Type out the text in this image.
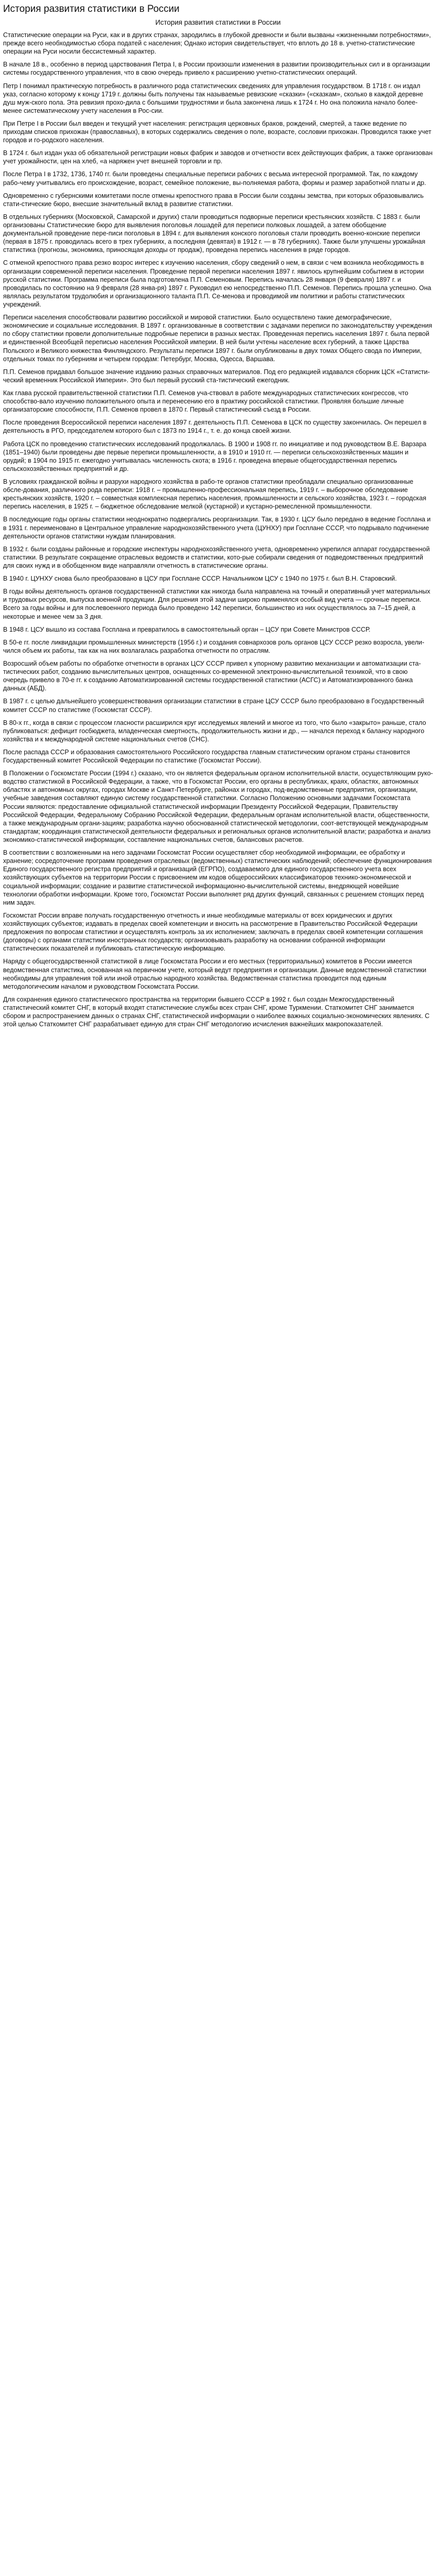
История развития статистики в России
История развития статистики в России

Статистические операции на Руси, как и в других странах, зародились в глубокой древности и были вызваны «жизненными потребностями», прежде всего необходимостью сбора податей с населения; Однако история свидетельствует, что вплоть до 18 в. учетно-статистические операции на Руси носили бессистемный характер.

В начале 18 в., особенно в период царствования Петра I, в России произошли изменения в развитии производительных сил и в организации системы государственного управления, что в свою очередь привело к расширению учетно-статистических операций.

Петр I понимал практическую потребность в различного рода статистических сведениях для управления государством. В 1718 г. он издал указ, согласно которому к концу 1719 г. должны быть получены так называемые ревизские «сказки» («сказкам», сколько в каждой деревне душ муж-ского пола. Эта ревизия прохо-дила с большими трудностями и была закончена лишь к 1724 г. Но она положила начало более-менее систематическому учету населения в Рос-сии.

При Петре I в России был введен и текущий учет населения: регистрация церковных браков, рождений, смертей, а также ведение по приходам списков прихожан (православных), в которых содержались сведения о поле, возрасте, сословии прихожан. Проводился также учет городов и го-родского населения.

В 1724 г. был издан указ об обязательной регистрации новых фабрик и заводов и отчетности всех действующих фабрик, а также организован учет урожайности, цен на хлеб, «а наряжен учет внешней торговли и пр.

После Петра I в 1732, 1736, 1740 гг. были проведены специальные переписи рабочих с весьма интересной программой. Так, по каждому рабо-чему учитывались его происхождение, возраст, семейное положение, вы-полняемая работа, формы и размер заработной платы и др.

Одновременно с губернскими комитетами после отмены крепостного права в России были созданы земства, при которых образовывались стати-стические бюро, внесшие значительный вклад в развитие статистики.

В отдельных губерниях (Московской, Самарской и других) стали проводиться подворные переписи крестьянских хозяйств. С 1883 г. были организованы Статистические бюро для выявления поголовья лошадей для переписи полковых лошадей, а затем обобщение документальной проведение пере-писи поголовья в 1894 г. для выявления конского поголовья стали проводить военно-конские переписи (первая в 1875 г. проводилась всего в трех губерниях, а последняя (девятая) в 1912 г. — в 78 губерниях). Также были улучшены урожайная статистика (прогнозы, экономика, приносящая доходы от продаж), проведена перепись населения в ряде городов.

С отменой крепостного права резко возрос интерес к изучению населения, сбору сведений о нем, в связи с чем возникла необходимость в организации современной переписи населения. Проведение первой переписи населения 1897 г. явилось крупнейшим событием в истории русской статистики. Программа переписи была подготовлена П.П. Семеновым. Перепись началась 28 января (9 февраля) 1897 г. и проводилась по состоянию на 9 февраля (28 янва-ря) 1897 г. Руководил ею непосредственно П.П. Семенов. Перепись прошла успешно. Она являлась результатом трудолюбия и организационного таланта П.П. Се-менова и проводимой им политики и работы статистических учреждений.

Переписи населения способствовали развитию российской и мировой статистики. Было осуществлено такие демографические, экономические и социальные исследования. В 1897 г. организованные в соответствии с задачами переписи по законодательству учреждения по сбору статистики провели дополнительные подробные переписи в разных местах. Проведенная перепись населения 1897 г. была первой и единственной Всеобщей переписью населения Российской империи. В ней были учтены население всех губерний, а также Царства Польского и Великого княжества Финляндского. Результаты переписи 1897 г. были опубликованы в двух томах Общего свода по Империи, отдельных томах по губерниям и четырем городам: Петербург, Москва, Одесса, Варшава.

П.П. Семенов придавал большое значение изданию разных справочных материалов. Под его редакцией издавался сборник ЦСК «Статисти-ческий временник Российской Империи». Это был первый русский ста-тистический ежегодник.

Как глава русской правительственной статистики П.П. Семенов уча-ствовал в работе международных статистических конгрессов, что способство-вало изучению положительного опыта и перенесению его в практику российской статистики. Проявляя большие личные организаторские способности, П.П. Семенов провел в 1870 г. Первый статистический съезд в России.

После проведения Всероссийской переписи населения 1897 г. деятельность П.П. Семенова в ЦСК по существу закончилась. Он перешел в деятельность в РГО, председателем которого был с 1873 по 1914 г., т. е. до конца своей жизни.

Работа ЦСК по проведению статистических исследований продолжалась. В 1900 и 1908 гг. по инициативе и под руководством В.Е. Варзара (1851–1940) были проведены две первые переписи промышленности, а в 1910 и 1910 гг. — переписи сельскохозяйственных машин и орудий; в 1904 по 1915 гг. ежегодно учитывалась численность скота; в 1916 г. проведена впервые общегосударственная перепись сельскохозяйственных предприятий и др.

В условиях гражданской войны и разрухи народного хозяйства в рабо-те органов статистики преобладали специально организованные обсле-дования, различного рода переписи: 1918 г. – промышленно-профессиональная перепись, 1919 г. – выборочное обследование крестьянских хозяйств, 1920 г. – совместная комплексная перепись населения, промышленности и сельского хозяйства, 1923 г. – городская перепись населения, в 1925 г. – бюджетное обследование мелкой (кустарной) и кустарно-ремесленной промышленности.

В последующие годы органы статистики неоднократно подвергались реорганизации. Так, в 1930 г. ЦСУ было передано в ведение Госплана и в 1931 г. переименовано в Центральное управление народнохозяйственного учета (ЦУНХУ) при Госплане СССР, что подрывало подчинение деятельности органов статистики нуждам планирования.

В 1932 г. были созданы районные и городские инспектуры народнохозяйственного учета, одновременно укрепился аппарат государственной статистики. В результате сокращение отраслевых ведомств и статистики, кото-рые собирали сведения от подведомственных предприятий для своих нужд и в обобщенном виде направляли отчетность в статистические органы.

В 1940 г. ЦУНХУ снова было преобразовано в ЦСУ при Госплане СССР. Начальником ЦСУ с 1940 по 1975 г. был В.Н. Старовский.

В годы войны деятельность органов государственной статистики как никогда была направлена на точный и оперативный учет материальных и трудовых ресурсов, выпуска военной продукции. Для решения этой задачи широко применялся особый вид учета — срочные переписи. Всего за годы войны и для послевоенного периода было проведено 142 переписи, большинство из них осуществлялось за 7–15 дней, а некоторые и менее чем за 3 дня.

В 1948 г. ЦСУ вышло из состава Госплана и превратилось в самостоятельный орган – ЦСУ при Совете Министров СССР.

В 50-е гг. после ликвидации промышленных министерств (1956 г.) и создания совнархозов роль органов ЦСУ СССР резко возросла, увели-чился объем их работы, так как на них возлагалась разработка отчетности по отраслям.

Возросший объем работы по обработке отчетности в органах ЦСУ СССР привел к упорному развитию механизации и автоматизации ста-тистических работ, созданию вычислительных центров, оснащенных со-временной электронно-вычислительной техникой, что в свою очередь привело в 70-е гг. к созданию Автоматизированной системы государственной статистики (АСГС) и Автоматизированного банка данных (АБД).

В 1987 г. с целью дальнейшего усовершенствования организации статистики в стране ЦСУ СССР было преобразовано в Государственный комитет СССР по статистике (Госкомстат СССР).

В 80-х гг., когда в связи с процессом гласности расширился круг исследуемых явлений и многое из того, что было «закрыто» раньше, стало публиковаться: дефицит госбюджета, младенческая смертность, продолжительность жизни и др., — начался переход к балансу народного хозяйства и к международной системе национальных счетов (СНС).

После распада СССР и образования самостоятельного Российского государства главным статистическим органом страны становится Государственный комитет Российской Федерации по статистике (Госкомстат России).

В Положении о Госкомстате России (1994 г.) сказано, что он является федеральным органом исполнительной власти, осуществляющим руко-водство статистикой в Российской Федерации, а также, что в Госкомстат России, его органы в республиках, краях, областях, автономных областях и автономных округах, городах Москве и Санкт-Петербурге, районах и городах, под-ведомственные предприятия, организации, учебные заведения составляют единую систему государственной статистики. Согласно Положению основными задачами Госкомстата России являются: предоставление официальной статистической информации Президенту Российской Федерации, Правительству Российской Федерации, Федеральному Собранию Российской Федерации, федеральным органам исполнительной власти, общественности, а также международным органи-зациям; разработка научно обоснованной статистической методологии, соот-ветствующей международным стандартам; координация статистической деятельности федеральных и региональных органов исполнительной власти; разработка и анализ экономико-статистической информации, составление национальных счетов, балансовых расчетов.

В соответствии с возложенными на него задачами Госкомстат России осуществляет сбор необходимой информации, ее обработку и хранение; сосредоточение программ проведения отраслевых (ведомственных) статистических наблюдений; обеспечение функционирования Единого государственного регистра предприятий и организаций (ЕГРПО), создаваемого для единого государственного учета всех хозяйствующих субъектов на территории России с присвоением им кодов общероссийских классификаторов технико-экономической и социальной информации; создание и развитие статистической информационно-вычислительной системы, внедряющей новейшие технологии обработки информации. Кроме того, Госкомстат России выполняет ряд других функций, связанных с решением стоящих перед ним задач.

Госкомстат России вправе получать государственную отчетность и иные необходимые материалы от всех юридических и других хозяйствующих субъектов; издавать в пределах своей компетенции и вносить на рассмотрение в Правительство Российской Федерации предложения по вопросам статистики и осуществлять контроль за их исполнением; заключать в пределах своей компетенции соглашения (договоры) с органами статистики иностранных государств; организовывать разработку на основании собранной информации статистических показателей и публиковать статистическую информацию.

Наряду с общегосударственной статистикой в лице Госкомстата России и его местных (территориальных) комитетов в России имеется ведомственная статистика, основанная на первичном учете, который ведут предприятия и организации. Данные ведомственной статистики необходимы для управления той или иной отраслью народного хозяйства. Ведомственная статистика проводится под единым методологическим началом и руководством Госкомстата России.

Для сохранения единого статистического пространства на территории бывшего СССР в 1992 г. был создан Межгосударственный статистический комитет СНГ, в который входят статистические службы всех стран СНГ, кроме Туркмении. Статкомитет СНГ занимается сбором и распространением данных о странах СНГ, статистической информации о наиболее важных социально-экономических явлениях. С этой целью Статкомитет СНГ разрабатывает единую для стран СНГ методологию исчисления важнейших макропоказателей.
